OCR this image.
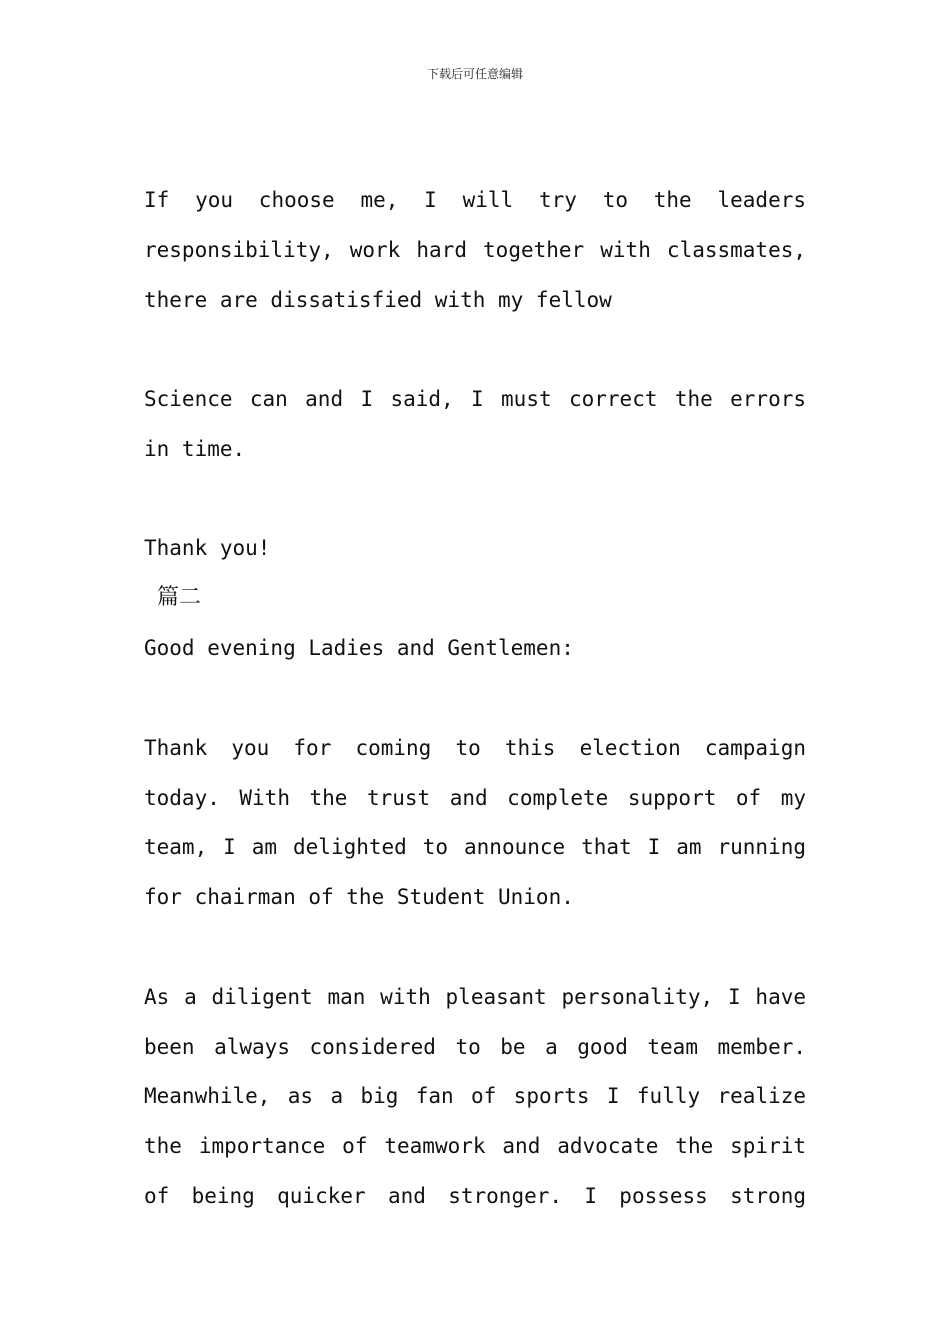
下载后可任意编辑
If you choose me, I will try to the leaders
responsibility, work hard together with classmates,
there are dissatisfied with my fellow
Science can and I said, I must correct the errors
in time.
Thank you!
篇二
Good evening Ladies and Gentlemen:
Thank you for coming to this election campaign
today. With the trust and complete support of my
team, I am delighted to announce that I am running
for chairman of the Student Union.
As a diligent man with pleasant personality, I have
been always considered to be a good team member.
Meanwhile, as a big fan of sports I fully realize
the importance of teamwork and advocate the spirit
of being quicker and stronger. I possess strong
